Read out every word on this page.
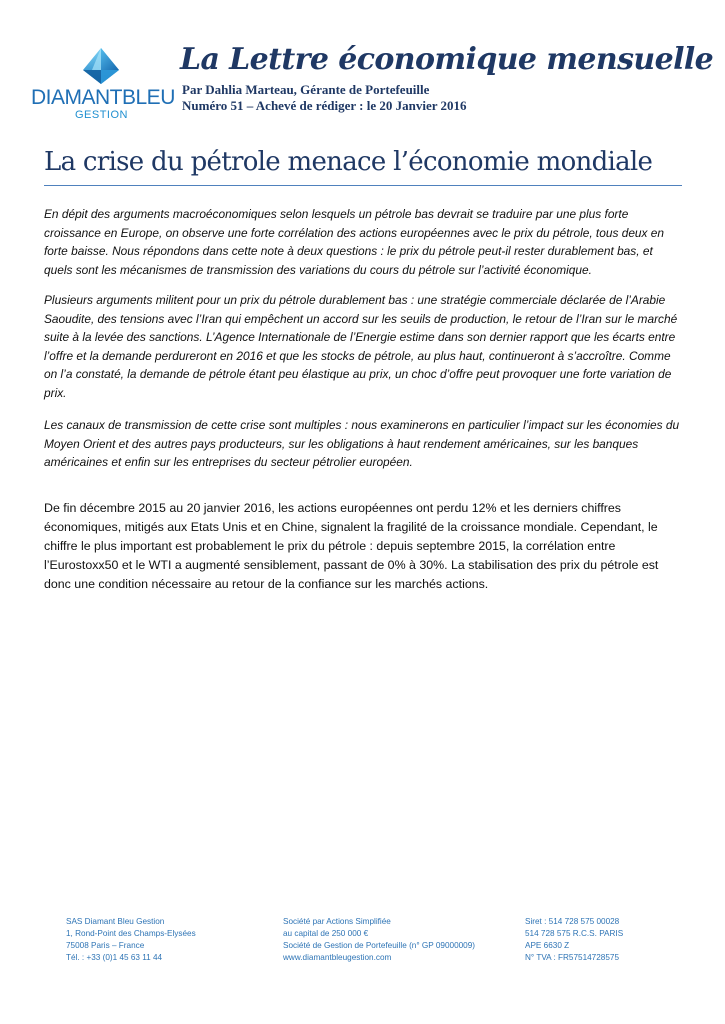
DIAMANTBLEU
GESTION
La Lettre économique mensuelle
Par Dahlia Marteau, Gérante de Portefeuille
Numéro 51 – Achevé de rédiger : le 20 Janvier 2016
La crise du pétrole menace l’économie mondiale

En dépit des arguments macroéconomiques selon lesquels un pétrole bas devrait se traduire par une plus forte croissance en Europe, on observe une forte corrélation des actions européennes avec le prix du pétrole, tous deux en forte baisse. Nous répondons dans cette note à deux questions : le prix du pétrole peut-il rester durablement bas, et quels sont les mécanismes de transmission des variations du cours du pétrole sur l’activité économique.

Plusieurs arguments militent pour un prix du pétrole durablement bas : une stratégie commerciale déclarée de l’Arabie Saoudite, des tensions avec l’Iran qui empêchent un accord sur les seuils de production, le retour de l’Iran sur le marché suite à la levée des sanctions. L’Agence Internationale de l’Energie estime dans son dernier rapport que les écarts entre l’offre et la demande perdureront en 2016 et que les stocks de pétrole, au plus haut, continueront à s’accroître. Comme on l’a constaté, la demande de pétrole étant peu élastique au prix, un choc d’offre peut provoquer une forte variation de prix.

Les canaux de transmission de cette crise sont multiples : nous examinerons en particulier l’impact sur les économies du Moyen Orient et des autres pays producteurs, sur les obligations à haut rendement américaines, sur les banques américaines et enfin sur les entreprises du secteur pétrolier européen.

De fin décembre 2015 au 20 janvier 2016, les actions européennes ont perdu 12% et les derniers chiffres économiques, mitigés aux Etats Unis et en Chine, signalent la fragilité de la croissance mondiale. Cependant, le chiffre le plus important est probablement le prix du pétrole : depuis septembre 2015, la corrélation entre l’Eurostoxx50 et le WTI a augmenté sensiblement, passant de 0% à 30%. La stabilisation des prix du pétrole est donc une condition nécessaire au retour de la confiance sur les marchés actions.

SAS Diamant Bleu Gestion
1, Rond-Point des Champs-Elysées
75008 Paris – France
Tél. : +33 (0)1 45 63 11 44
Société par Actions Simplifiée
au capital de 250 000 €
Société de Gestion de Portefeuille (n° GP 09000009)
www.diamantbleugestion.com
Siret : 514 728 575 00028
514 728 575 R.C.S. PARIS
APE 6630 Z
N° TVA : FR57514728575
